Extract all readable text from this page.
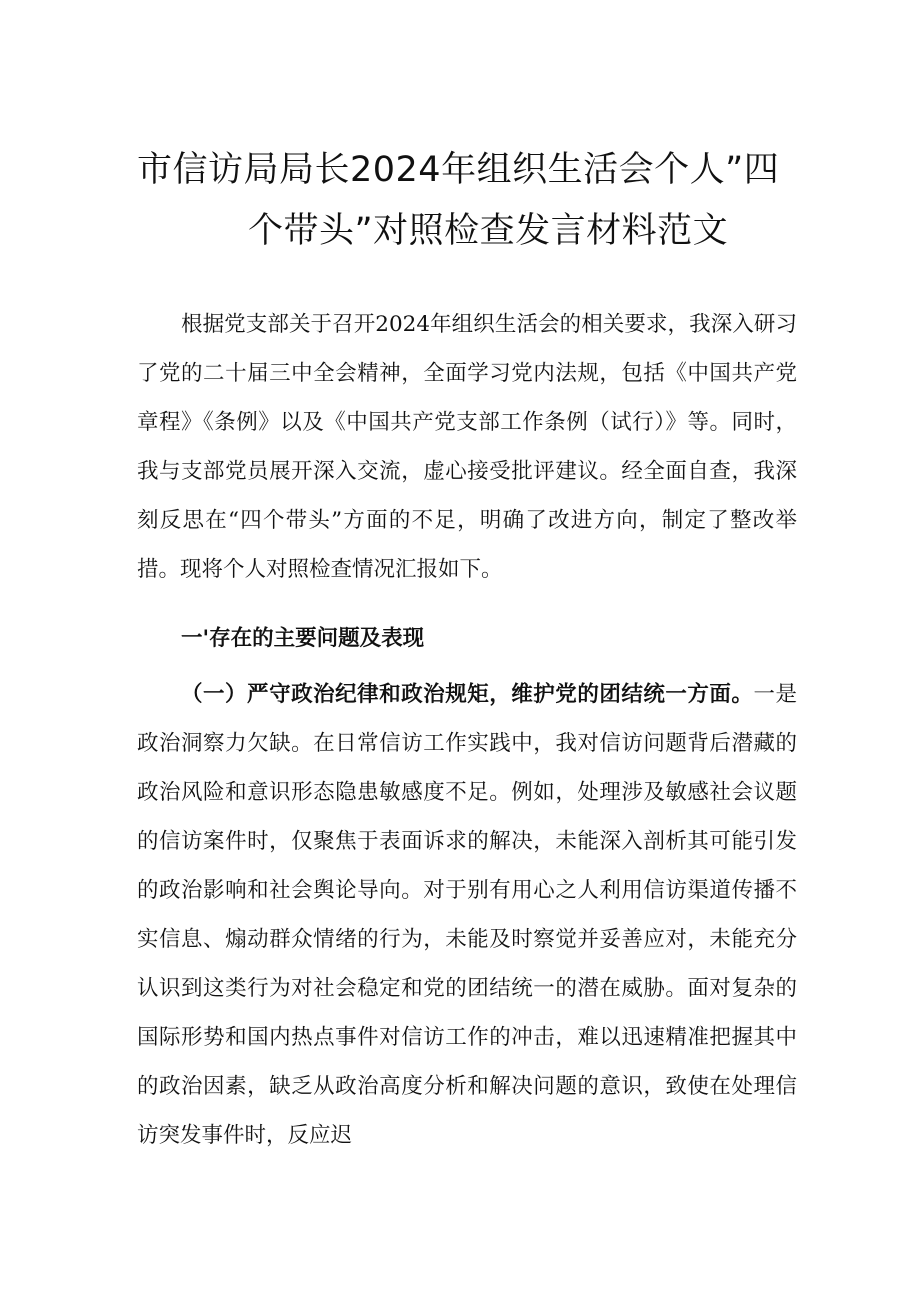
市信访局局长2024年组织生活会个人”四
个带头”对照检查发言材料范文

根据党支部关于召开2024年组织生活会的相关要求，我深入研习了党的二十届三中全会精神，全面学习党内法规，包括《中国共产党章程》《条例》以及《中国共产党支部工作条例（试行）》等。同时，我与支部党员展开深入交流，虚心接受批评建议。经全面自查，我深刻反思在“四个带头”方面的不足，明确了改进方向，制定了整改举措。现将个人对照检查情况汇报如下。

一'存在的主要问题及表现

（一）严守政治纪律和政治规矩，维护党的团结统一方面。一是政治洞察力欠缺。在日常信访工作实践中，我对信访问题背后潜藏的政治风险和意识形态隐患敏感度不足。例如，处理涉及敏感社会议题的信访案件时，仅聚焦于表面诉求的解决，未能深入剖析其可能引发的政治影响和社会舆论导向。对于别有用心之人利用信访渠道传播不实信息、煽动群众情绪的行为，未能及时察觉并妥善应对，未能充分认识到这类行为对社会稳定和党的团结统一的潜在威胁。面对复杂的国际形势和国内热点事件对信访工作的冲击，难以迅速精准把握其中的政治因素，缺乏从政治高度分析和解决问题的意识，致使在处理信访突发事件时，反应迟
